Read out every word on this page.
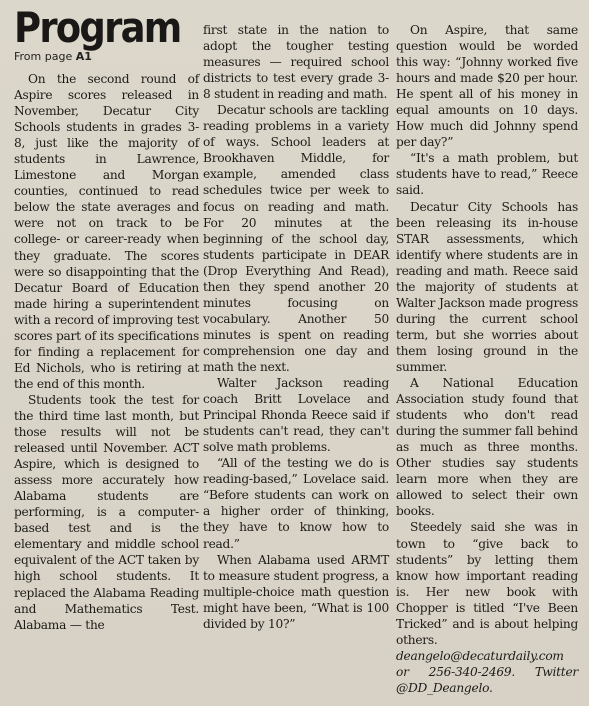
Program
From page A1

On the second round of Aspire scores released in November, Decatur City Schools students in grades 3-8, just like the majority of students in Lawrence, Limestone and Morgan counties, continued to read below the state averages and were not on track to be college- or career-ready when they graduate. The scores were so disappointing that the Decatur Board of Education made hiring a superintendent with a record of improving test scores part of its specifications for finding a replacement for Ed Nichols, who is retiring at the end of this month.

Students took the test for the third time last month, but those results will not be released until November. ACT Aspire, which is designed to assess more accurately how Alabama students are performing, is a computer-based test and is the elementary and middle school equivalent of the ACT taken by high school students. It replaced the Alabama Reading and Mathematics Test. Alabama — the

first state in the nation to adopt the tougher testing measures — required school districts to test every grade 3-8 student in reading and math.

Decatur schools are tackling reading problems in a variety of ways. School leaders at Brookhaven Middle, for example, amended class schedules twice per week to focus on reading and math. For 20 minutes at the beginning of the school day, students participate in DEAR (Drop Everything And Read), then they spend another 20 minutes focusing on vocabulary. Another 50 minutes is spent on reading comprehension one day and math the next.

Walter Jackson reading coach Britt Lovelace and Principal Rhonda Reece said if students can't read, they can't solve math problems.

“All of the testing we do is reading-based,” Lovelace said. “Before students can work on a higher order of thinking, they have to know how to read.”

When Alabama used ARMT to measure student progress, a multiple-choice math question might have been, “What is 100 divided by 10?”

On Aspire, that same question would be worded this way: “Johnny worked five hours and made $20 per hour. He spent all of his money in equal amounts on 10 days. How much did Johnny spend per day?”

“It's a math problem, but students have to read,” Reece said.

Decatur City Schools has been releasing its in-house STAR assessments, which identify where students are in reading and math. Reece said the majority of students at Walter Jackson made progress during the current school term, but she worries about them losing ground in the summer.

A National Education Association study found that students who don't read during the summer fall behind as much as three months. Other studies say students learn more when they are allowed to select their own books.

Steedely said she was in town to “give back to students” by letting them know how important reading is. Her new book with Chopper is titled “I've Been Tricked” and is about helping others.

deangelo@decaturdaily.com or 256-340-2469. Twitter @DD_Deangelo.
